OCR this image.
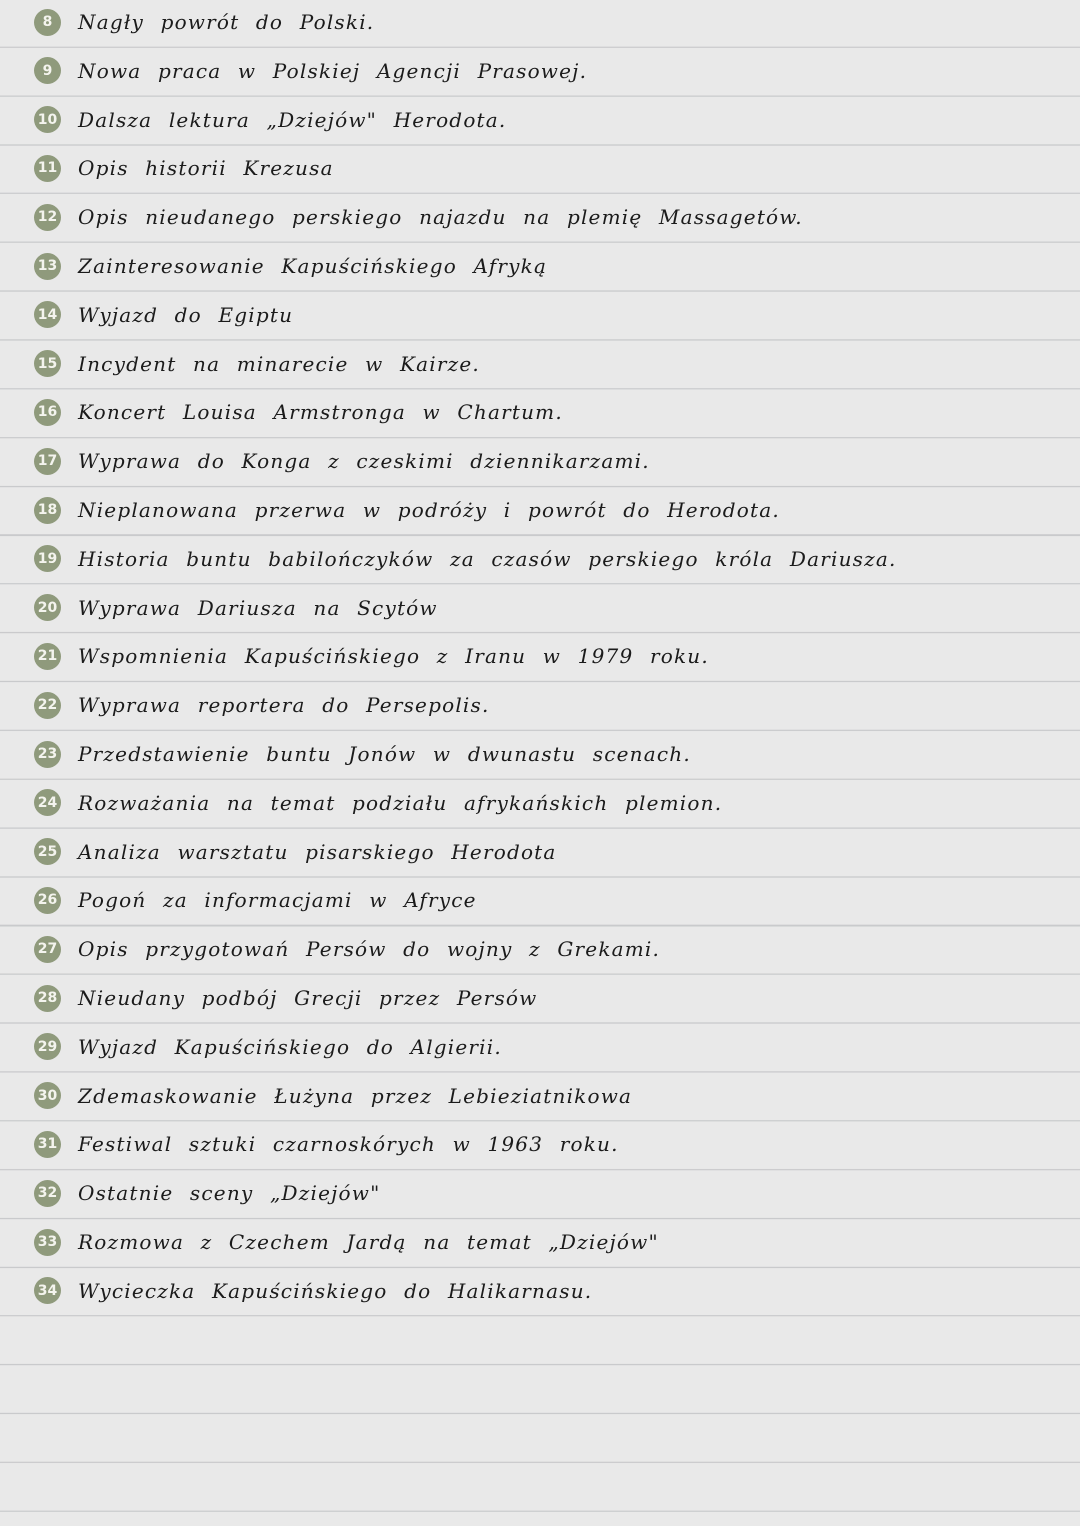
8	Nagły powrót do Polski.
9	Nowa praca w Polskiej Agencji Prasowej.
10 Dalsza lektura „Dziejów" Herodota.
11 Opis historii Krezusa
12 Opis nieudanego perskiego najazdu na plemię Massagetów.
13 Zainteresowanie Kapuścińskiego Afryką
14 Wyjazd do Egiptu
15 Incydent na minarecie w Kairze.
16 Koncert Louisa Armstronga w Chartum.
17 Wyprawa do Konga z czeskimi dziennikarzami.
18 Nieplanowana przerwa w podróży i powrót do Herodota.
19 Historia buntu babilończyków za czasów perskiego króla Dariusza.
20 Wyprawa Dariusza na Scytów
21 Wspomnienia Kapuścińskiego z Iranu w 1979 roku.
22 Wyprawa reportera do Persepolis.
23 Przedstawienie buntu Jonów w dwunastu scenach.
24 Rozważania na temat podziału afrykańskich plemion.
25 Analiza warsztatu pisarskiego Herodota
26 Pogoń za informacjami w Afryce
27 Opis przygotowań Persów do wojny z Grekami.
28 Nieudany podbój Grecji przez Persów
29 Wyjazd Kapuścińskiego do Algierii.
30 Zdemaskowanie Łużyna przez Lebieziatnikowa
31 Festiwal sztuki czarnoskórych w 1963 roku.
32 Ostatnie sceny „Dziejów"
33 Rozmowa z Czechem Jardą na temat „Dziejów"
34 Wycieczka Kapuścińskiego do Halikarnasu.
